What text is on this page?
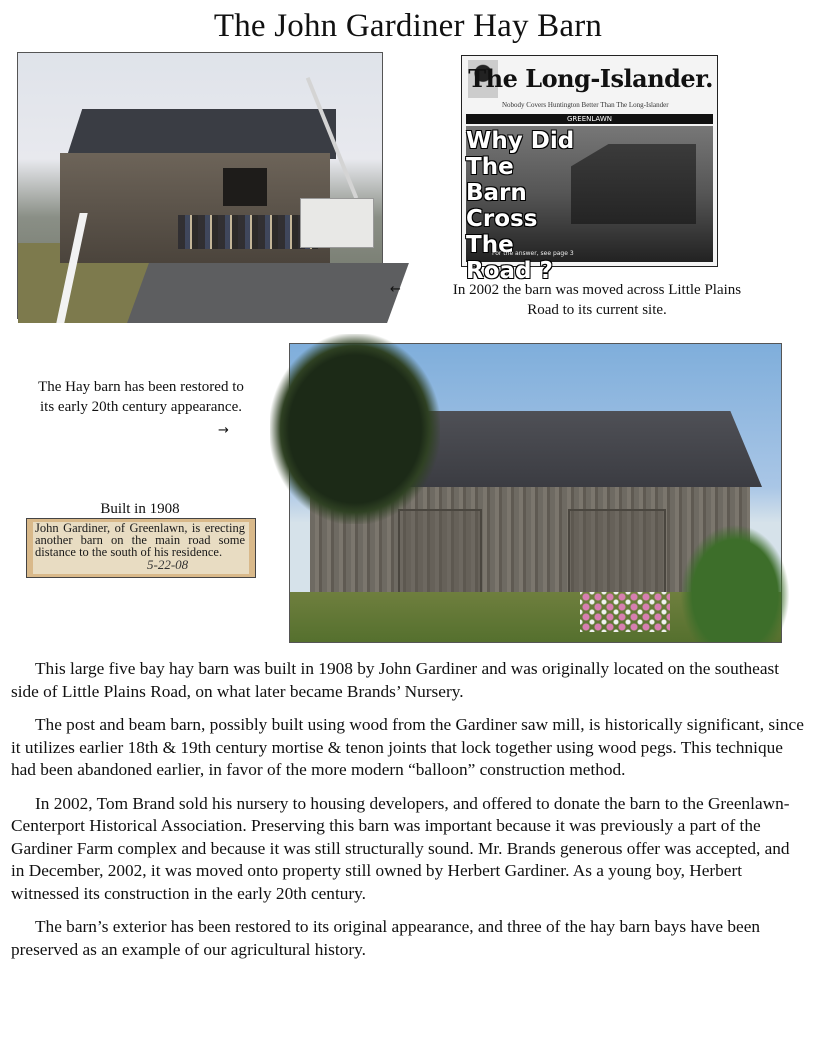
The John Gardiner Hay Barn
The Long-Islander.
Nobody Covers Huntington Better Than The Long-Islander
GREENLAWN
Why Did The Barn Cross The Road ?
For the answer, see page 3
←	In 2002 the barn was moved across Little Plains Road to its current site.
The Hay barn has been restored to its early 20th century appearance.
→
Built in 1908
John Gardiner, of Greenlawn, is erecting another barn on the main road some distance to the south of his residence.
5-22-08

This large five bay hay barn was built in 1908 by John Gardiner and was originally located on the southeast side of Little Plains Road, on what later became Brands’ Nursery.

The post and beam barn, possibly built using wood from the Gardiner saw mill, is historically significant, since it utilizes earlier 18th & 19th century mortise & tenon joints that lock together using wood pegs. This technique had been abandoned earlier, in favor of the more modern “balloon” construction method.

In 2002, Tom Brand sold his nursery to housing developers, and offered to donate the barn to the Greenlawn-Centerport Historical Association. Preserving this barn was important because it was previously a part of the Gardiner Farm complex and because it was still structurally sound. Mr. Brands generous offer was accepted, and in December, 2002, it was moved onto property still owned by Herbert Gardiner. As a young boy, Herbert witnessed its construction in the early 20th century.

The barn’s exterior has been restored to its original appearance, and three of the hay barn bays have been preserved as an example of our agricultural history.
